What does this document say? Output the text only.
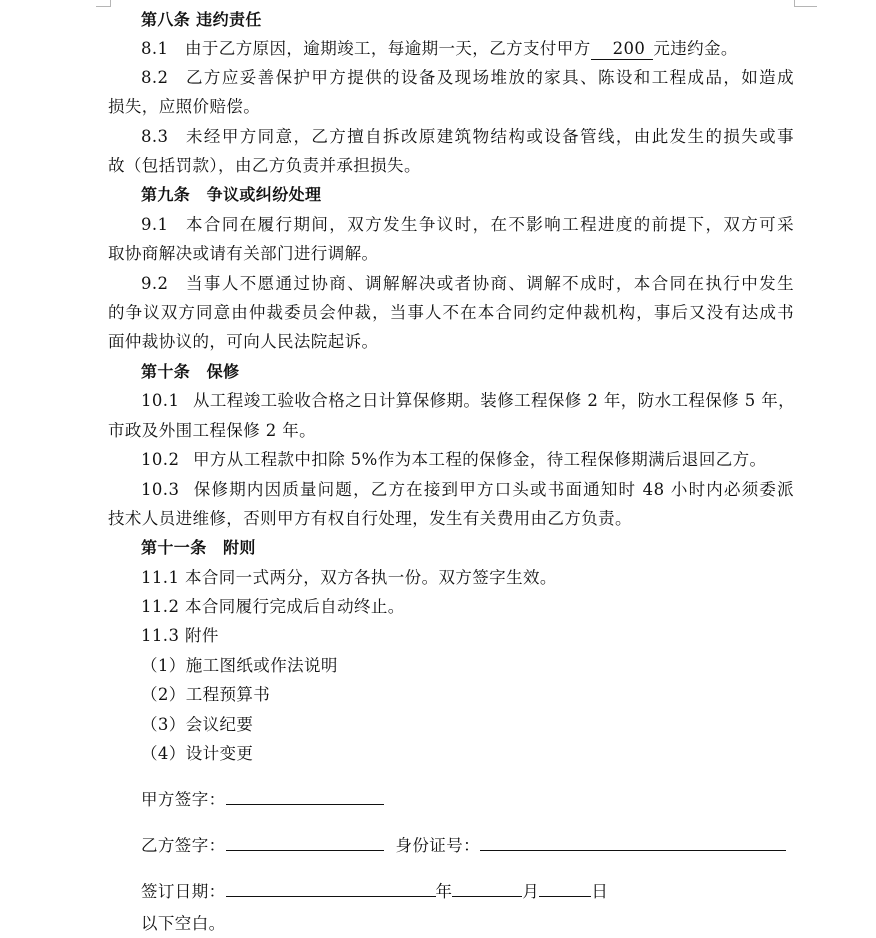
第八条 违约责任
8.1 由于乙方原因，逾期竣工，每逾期一天，乙方支付甲方 200 元违约金。
8.2 乙方应妥善保护甲方提供的设备及现场堆放的家具、陈设和工程成品，如造成
损失，应照价赔偿。
8.3 未经甲方同意，乙方擅自拆改原建筑物结构或设备管线，由此发生的损失或事
故（包括罚款），由乙方负责并承担损失。
第九条　争议或纠纷处理
9.1 本合同在履行期间，双方发生争议时，在不影响工程进度的前提下，双方可采
取协商解决或请有关部门进行调解。
9.2 当事人不愿通过协商、调解解决或者协商、调解不成时，本合同在执行中发生
的争议双方同意由仲裁委员会仲裁，当事人不在本合同约定仲裁机构，事后又没有达成书
面仲裁协议的，可向人民法院起诉。
第十条　保修
10.1 从工程竣工验收合格之日计算保修期。装修工程保修 2 年，防水工程保修 5 年，
市政及外围工程保修 2 年。
10.2 甲方从工程款中扣除 5%作为本工程的保修金，待工程保修期满后退回乙方。
10.3 保修期内因质量问题，乙方在接到甲方口头或书面通知时 48 小时内必须委派
技术人员进维修，否则甲方有权自行处理，发生有关费用由乙方负责。
第十一条　附则
11.1 本合同一式两分，双方各执一份。双方签字生效。
11.2 本合同履行完成后自动终止。
11.3 附件
（1）施工图纸或作法说明
（2）工程预算书
（3）会议纪要
（4）设计变更
甲方签字：
乙方签字：	身份证号：
签订日期：	年	月	日
以下空白。
